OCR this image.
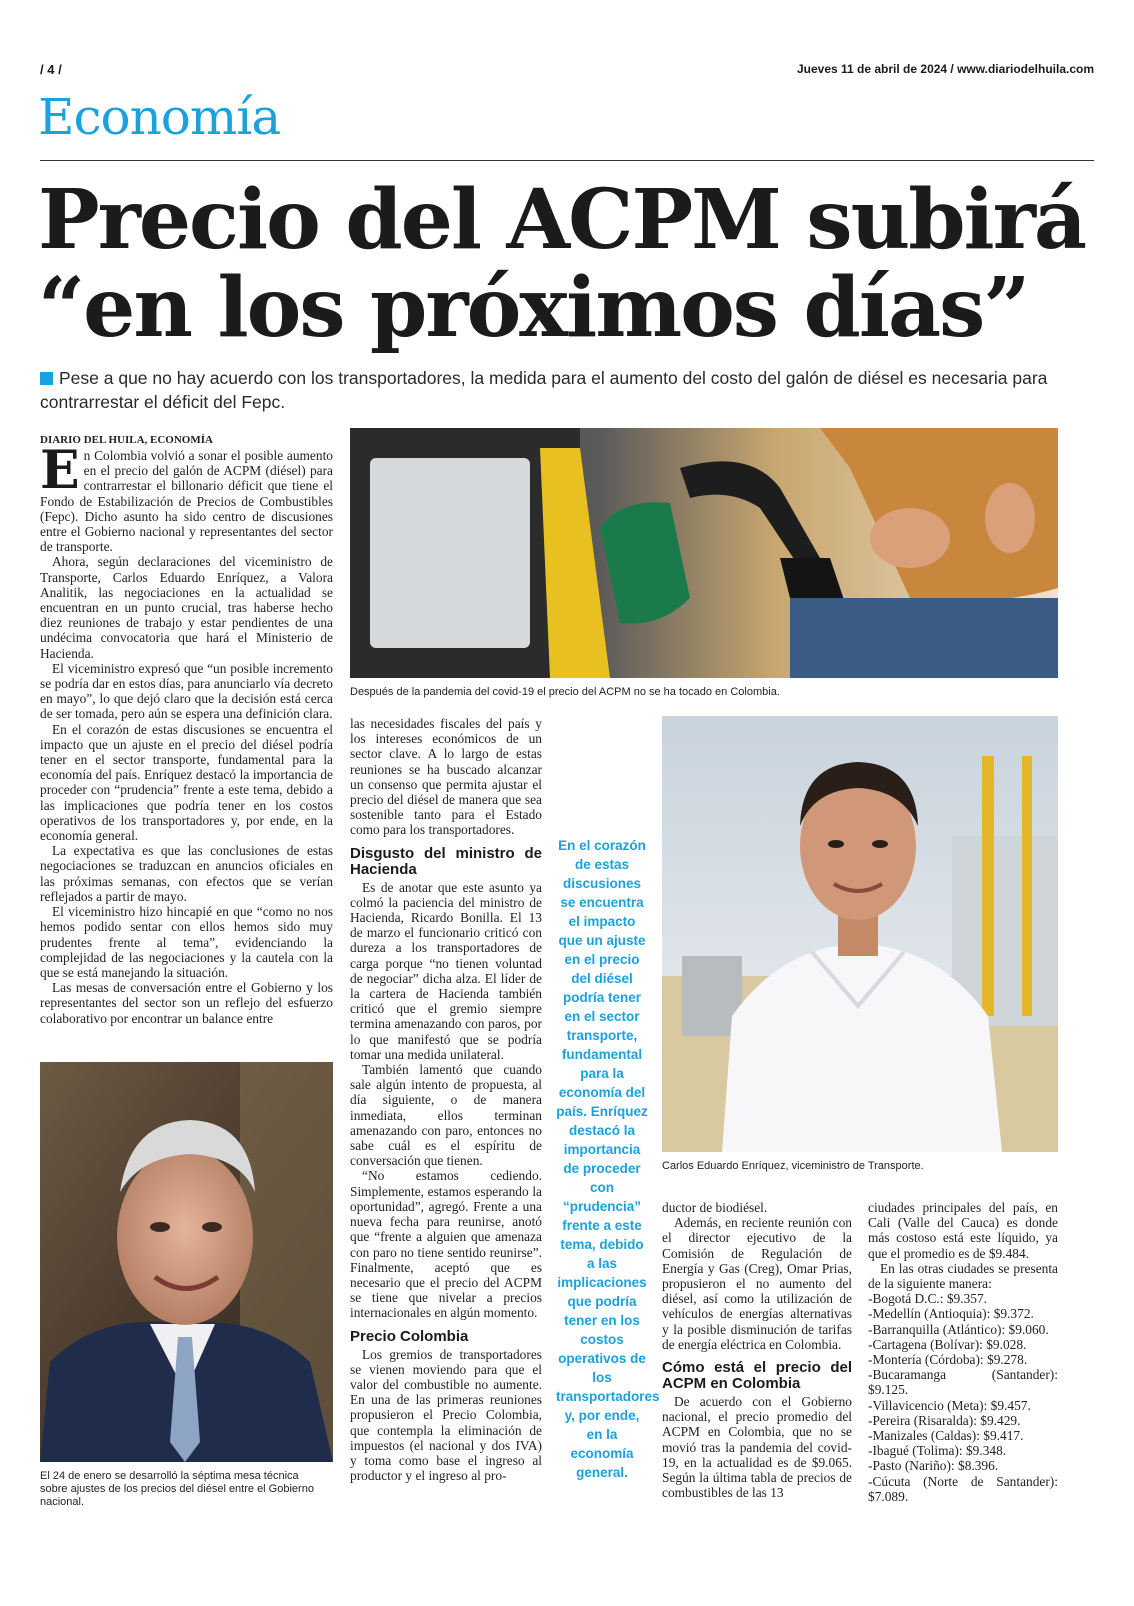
/ 4 /	Jueves 11 de abril de 2024 / www.diariodelhuila.com
Economía
Precio del ACPM subirá “en los próximos días”
Pese a que no hay acuerdo con los transportadores, la medida para el aumento del costo del galón de diésel es necesaria para contrarrestar el déficit del Fepc.
DIARIO DEL HUILA, ECONOMÍA

En Colombia volvió a sonar el posible aumento en el precio del galón de ACPM (diésel) para contrarrestar el billonario déficit que tiene el Fondo de Estabilización de Precios de Combustibles (Fepc). Dicho asunto ha sido centro de discusiones entre el Gobierno nacional y representantes del sector de transporte.

Ahora, según declaraciones del viceministro de Transporte, Carlos Eduardo Enríquez, a Valora Analitik, las negociaciones en la actualidad se encuentran en un punto crucial, tras haberse hecho diez reuniones de trabajo y estar pendientes de una undécima convocatoria que hará el Ministerio de Hacienda.

El viceministro expresó que “un posible incremento se podría dar en estos días, para anunciarlo vía decreto en mayo”, lo que dejó claro que la decisión está cerca de ser tomada, pero aún se espera una definición clara.

En el corazón de estas discusiones se encuentra el impacto que un ajuste en el precio del diésel podría tener en el sector transporte, fundamental para la economía del país. Enríquez destacó la importancia de proceder con “prudencia” frente a este tema, debido a las implicaciones que podría tener en los costos operativos de los transportadores y, por ende, en la economía general.

La expectativa es que las conclusiones de estas negociaciones se traduzcan en anuncios oficiales en las próximas semanas, con efectos que se verían reflejados a partir de mayo.

El viceministro hizo hincapié en que “como no nos hemos podido sentar con ellos hemos sido muy prudentes frente al tema”, evidenciando la complejidad de las negociaciones y la cautela con la que se está manejando la situación.

Las mesas de conversación entre el Gobierno y los representantes del sector son un reflejo del esfuerzo colaborativo por encontrar un balance entre

El 24 de enero se desarrolló la séptima mesa técnica sobre ajustes de los precios del diésel entre el Gobierno nacional.
Después de la pandemia del covid-19 el precio del ACPM no se ha tocado en Colombia.

las necesidades fiscales del país y los intereses económicos de un sector clave. A lo largo de estas reuniones se ha buscado alcanzar un consenso que permita ajustar el precio del diésel de manera que sea sostenible tanto para el Estado como para los transportadores.

Disgusto del ministro de Hacienda

Es de anotar que este asunto ya colmó la paciencia del ministro de Hacienda, Ricardo Bonilla. El 13 de marzo el funcionario criticó con dureza a los transportadores de carga porque “no tienen voluntad de negociar” dicha alza. El líder de la cartera de Hacienda también criticó que el gremio siempre termina amenazando con paros, por lo que manifestó que se podría tomar una medida unilateral.

También lamentó que cuando sale algún intento de propuesta, al día siguiente, o de manera inmediata, ellos terminan amenazando con paro, entonces no sabe cuál es el espíritu de conversación que tienen.

“No estamos cediendo. Simplemente, estamos esperando la oportunidad”, agregó. Frente a una nueva fecha para reunirse, anotó que “frente a alguien que amenaza con paro no tiene sentido reunirse”. Finalmente, aceptó que es necesario que el precio del ACPM se tiene que nivelar a precios internacionales en algún momento.

Precio Colombia

Los gremios de transportadores se vienen moviendo para que el valor del combustible no aumente. En una de las primeras reuniones propusieron el Precio Colombia, que contempla la eliminación de impuestos (el nacional y dos IVA) y toma como base el ingreso al productor y el ingreso al pro-

En el corazón de estas discusiones se encuentra el impacto que un ajuste en el precio del diésel podría tener en el sector transporte, fundamental para la economía del país. Enríquez destacó la importancia de proceder con “prudencia” frente a este tema, debido a las implicaciones que podría tener en los costos operativos de los transportadores y, por ende, en la economía general.
Carlos Eduardo Enríquez, viceministro de Transporte.

ductor de biodiésel.

Además, en reciente reunión con el director ejecutivo de la Comisión de Regulación de Energía y Gas (Creg), Omar Prias, propusieron el no aumento del diésel, así como la utilización de vehículos de energías alternativas y la posible disminución de tarifas de energía eléctrica en Colombia.

Cómo está el precio del ACPM en Colombia

De acuerdo con el Gobierno nacional, el precio promedio del ACPM en Colombia, que no se movió tras la pandemia del covid-19, en la actualidad es de $9.065. Según la última tabla de precios de combustibles de las 13

ciudades principales del país, en Cali (Valle del Cauca) es donde más costoso está este líquido, ya que el promedio es de $9.484.

En las otras ciudades se presenta de la siguiente manera:

-Bogotá D.C.: $9.357.
-Medellín (Antioquia): $9.372.
-Barranquilla (Atlántico): $9.060.
-Cartagena (Bolívar): $9.028.
-Montería (Córdoba): $9.278.
-Bucaramanga (Santander): $9.125.
-Villavicencio (Meta): $9.457.
-Pereira (Risaralda): $9.429.
-Manizales (Caldas): $9.417.
-Ibagué (Tolima): $9.348.
-Pasto (Nariño): $8.396.
-Cúcuta (Norte de Santander): $7.089.
